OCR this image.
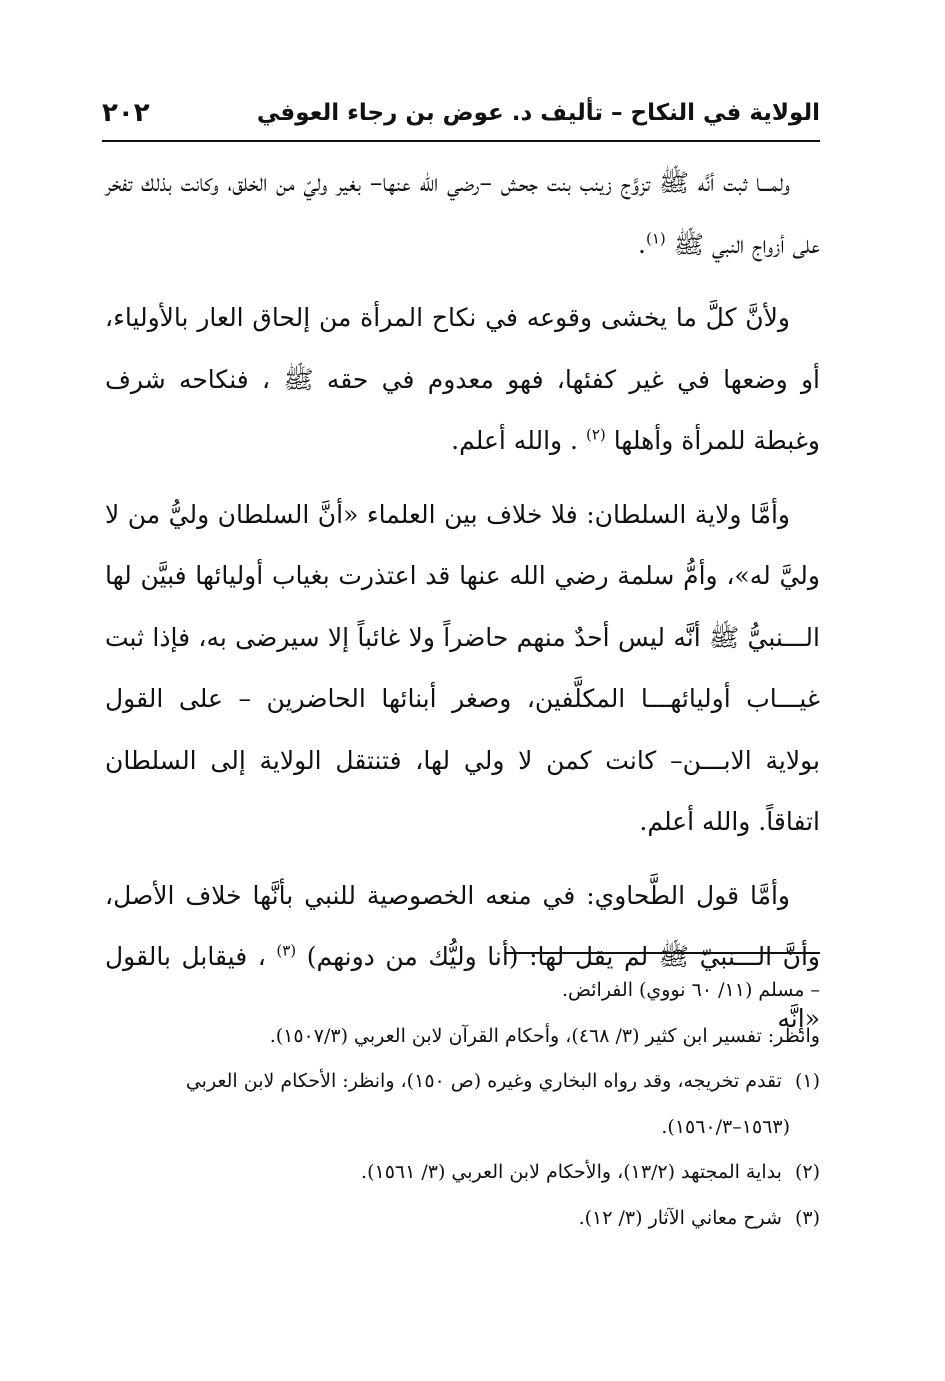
الولاية في النكاح – تأليف د. عوض بن رجاء العوفي
٢٠٢

ولمـــا ثبت أنَّه ﷺ تزوَّج زينب بنت جحش –رضي الله عنها– بغير وليّ من الخلق، وكانت بذلك تفخر على أزواج النبي ﷺ $^{(١)}$.

ولأنَّ كلَّ ما يخشى وقوعه في نكاح المرأة من إلحاق العار بالأولياء، أو وضعها في غير كفئها، فهو معدوم في حقه ﷺ ، فنكاحه شرف وغبطة للمرأة وأهلها $^{(٢)}$ . والله أعلم.

وأمَّا ولاية السلطان: فلا خلاف بين العلماء «أنَّ السلطان وليُّ من لا وليَّ له»، وأمُّ سلمة رضي الله عنها قد اعتذرت بغياب أوليائها فبيَّن لها الـــنبيُّ ﷺ أنَّه ليس أحدٌ منهم حاضراً ولا غائباً إلا سيرضى به، فإذا ثبت غيـــاب أوليائهـــا المكلَّفين، وصغر أبنائها الحاضرين – على القول بولاية الابـــن– كانت كمن لا ولي لها، فتنتقل الولاية إلى السلطان اتفاقاً. والله أعلم.

وأمَّا قول الطَّحاوي: في منعه الخصوصية للنبي بأنَّها خلاف الأصل، وأنَّ الـــنبيّ ﷺ لم يقل لها: (أنا وليُّك من دونهم) $^{(٣)}$ ، فيقابل بالقول «إنَّه

– مسلم (١١/ ٦٠ نووي) الفرائض.
وانظر: تفسير ابن كثير (٣/ ٤٦٨)، وأحكام القرآن لابن العربي (١٥٠٧/٣).
(١) تقدم تخريجه، وقد رواه البخاري وغيره (ص ١٥٠)، وانظر: الأحكام لابن العربي
(١٥٦٣–١٥٦٠/٣).
(٢) بداية المجتهد (١٣/٢)، والأحكام لابن العربي (٣/ ١٥٦١).
(٣) شرح معاني الآثار (٣/ ١٢).
